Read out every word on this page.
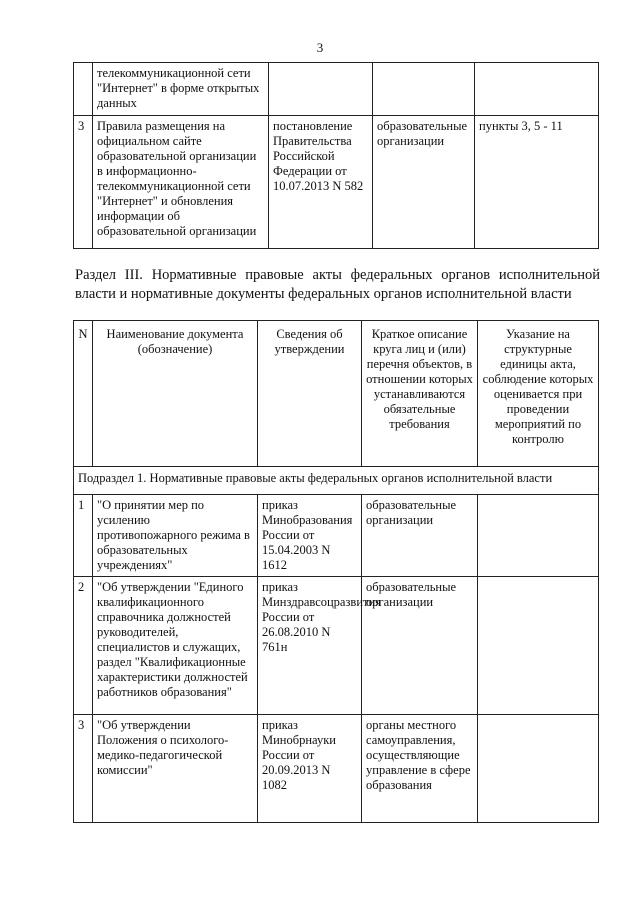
3
	телекоммуникационной сети "Интернет" в форме открытых данных			
3	Правила размещения на официальном сайте образовательной организации в информационно-телекоммуникационной сети "Интернет" и обновления информации об образовательной организации	постановление Правительства Российской Федерации от 10.07.2013 N 582	образовательные организации	пункты 3, 5 - 11
Раздел III. Нормативные правовые акты федеральных органов исполнительной власти и нормативные документы федеральных органов исполнительной власти
N	Наименование документа (обозначение)	Сведения об утверждении	Краткое описание круга лиц и (или) перечня объектов, в отношении которых устанавливаются обязательные требования	Указание на структурные единицы акта, соблюдение которых оценивается при проведении мероприятий по контролю
Подраздел 1. Нормативные правовые акты федеральных органов исполнительной власти				
1	"О принятии мер по усилению противопожарного режима в образовательных учреждениях"	приказ Минобразования России от 15.04.2003 N 1612	образовательные организации	
2	"Об утверждении "Единого квалификационного справочника должностей руководителей, специалистов и служащих, раздел "Квалификационные характеристики должностей работников образования"	приказ Минздравсоцразвития России от 26.08.2010 N 761н	образовательные организации	
3	"Об утверждении Положения о психолого-медико-педагогической комиссии"	приказ Минобрнауки России от 20.09.2013 N 1082	органы местного самоуправления, осуществляющие управление в сфере образования	
